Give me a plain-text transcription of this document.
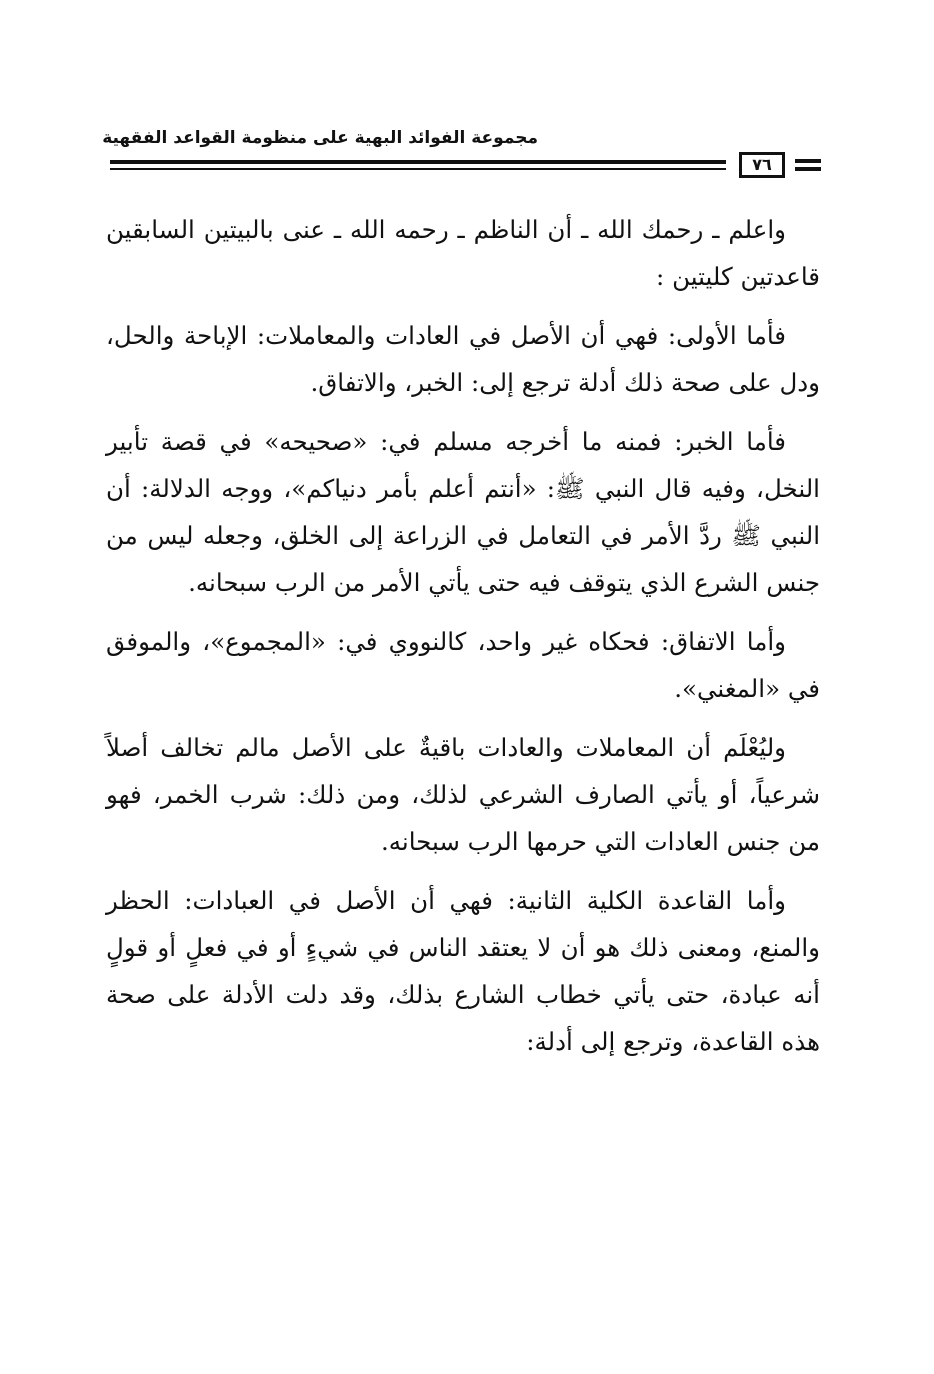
مجموعة الفوائد البهية على منظومة القواعد الفقهية
٧٦

واعلم ـ رحمك الله ـ أن الناظم ـ رحمه الله ـ عنى بالبيتين السابقين قاعدتين كليتين :

فأما الأولى: فهي أن الأصل في العادات والمعاملات: الإباحة والحل، ودل على صحة ذلك أدلة ترجع إلى: الخبر، والاتفاق.

فأما الخبر: فمنه ما أخرجه مسلم في: «صحيحه» في قصة تأبير النخل، وفيه قال النبي ﷺ: «أنتم أعلم بأمر دنياكم»، ووجه الدلالة: أن النبي ﷺ ردَّ الأمر في التعامل في الزراعة إلى الخلق، وجعله ليس من جنس الشرع الذي يتوقف فيه حتى يأتي الأمر من الرب سبحانه.

وأما الاتفاق: فحكاه غير واحد، كالنووي في: «المجموع»، والموفق في «المغني».

وليُعْلَم أن المعاملات والعادات باقيةٌ على الأصل مالم تخالف أصلاً شرعياً، أو يأتي الصارف الشرعي لذلك، ومن ذلك: شرب الخمر، فهو من جنس العادات التي حرمها الرب سبحانه.

وأما القاعدة الكلية الثانية: فهي أن الأصل في العبادات: الحظر والمنع، ومعنى ذلك هو أن لا يعتقد الناس في شيءٍ أو في فعلٍ أو قولٍ أنه عبادة، حتى يأتي خطاب الشارع بذلك، وقد دلت الأدلة على صحة هذه القاعدة، وترجع إلى أدلة:
